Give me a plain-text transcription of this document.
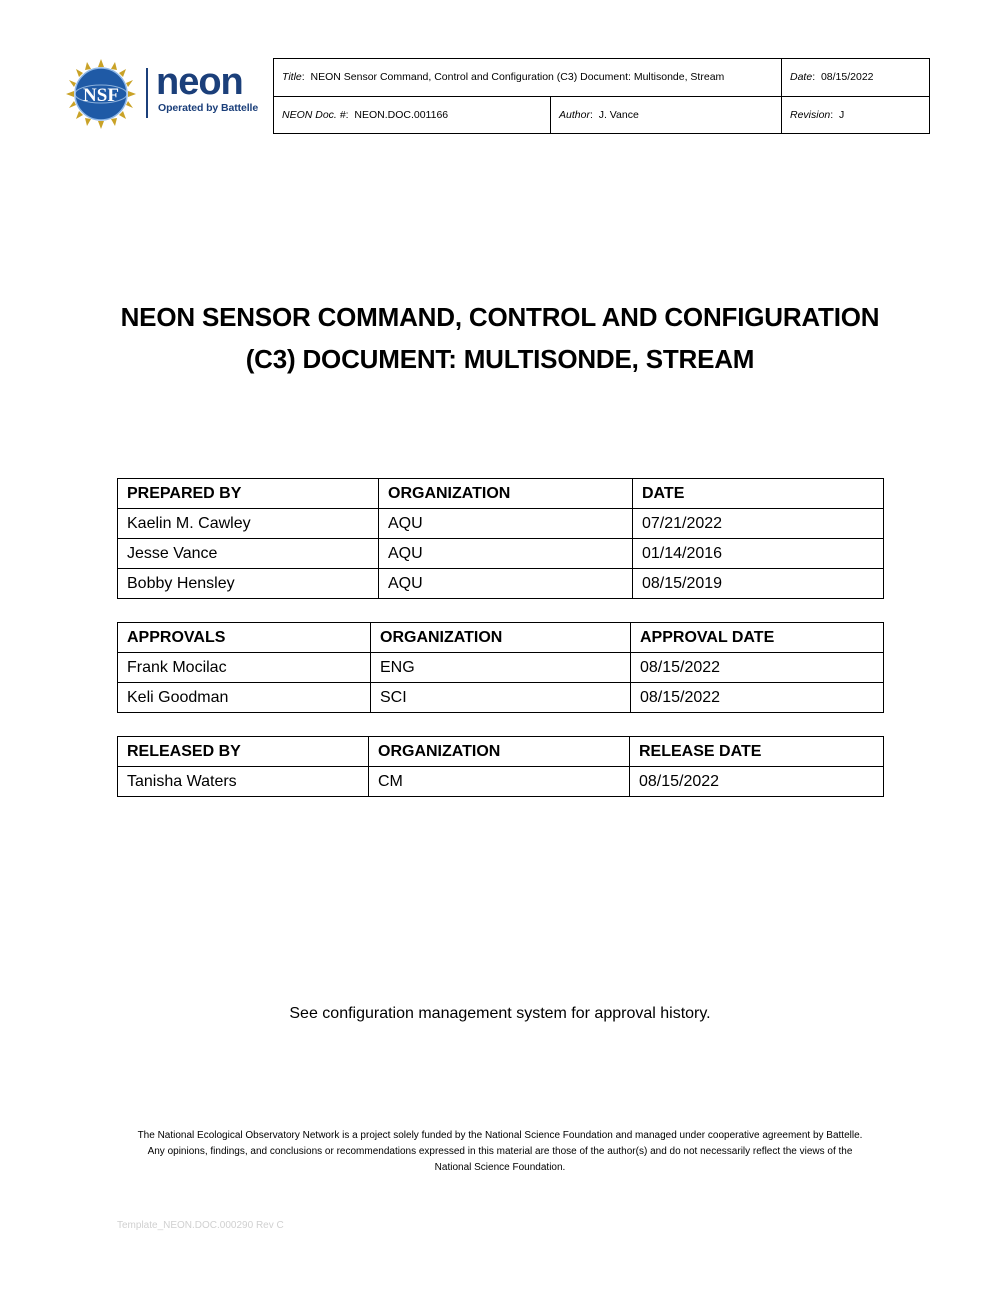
NSF neon
Operated by Battelle
Title:  NEON Sensor Command, Control and Configuration (C3) Document: Multisonde, Stream		Date:  08/15/2022
NEON Doc. #:  NEON.DOC.001166	Author:  J. Vance	Revision:  J
NEON SENSOR COMMAND, CONTROL AND CONFIGURATION
(C3) DOCUMENT: MULTISONDE, STREAM
PREPARED BY	ORGANIZATION	DATE
Kaelin M. Cawley	AQU	07/21/2022
Jesse Vance	AQU	01/14/2016
Bobby Hensley	AQU	08/15/2019
APPROVALS	ORGANIZATION	APPROVAL DATE
Frank Mocilac	ENG	08/15/2022
Keli Goodman	SCI	08/15/2022
RELEASED BY	ORGANIZATION	RELEASE DATE
Tanisha Waters	CM	08/15/2022
See configuration management system for approval history.
The National Ecological Observatory Network is a project solely funded by the National Science Foundation and managed under cooperative agreement by Battelle.
Any opinions, findings, and conclusions or recommendations expressed in this material are those of the author(s) and do not necessarily reflect the views of the
National Science Foundation.
Template_NEON.DOC.000290 Rev C
